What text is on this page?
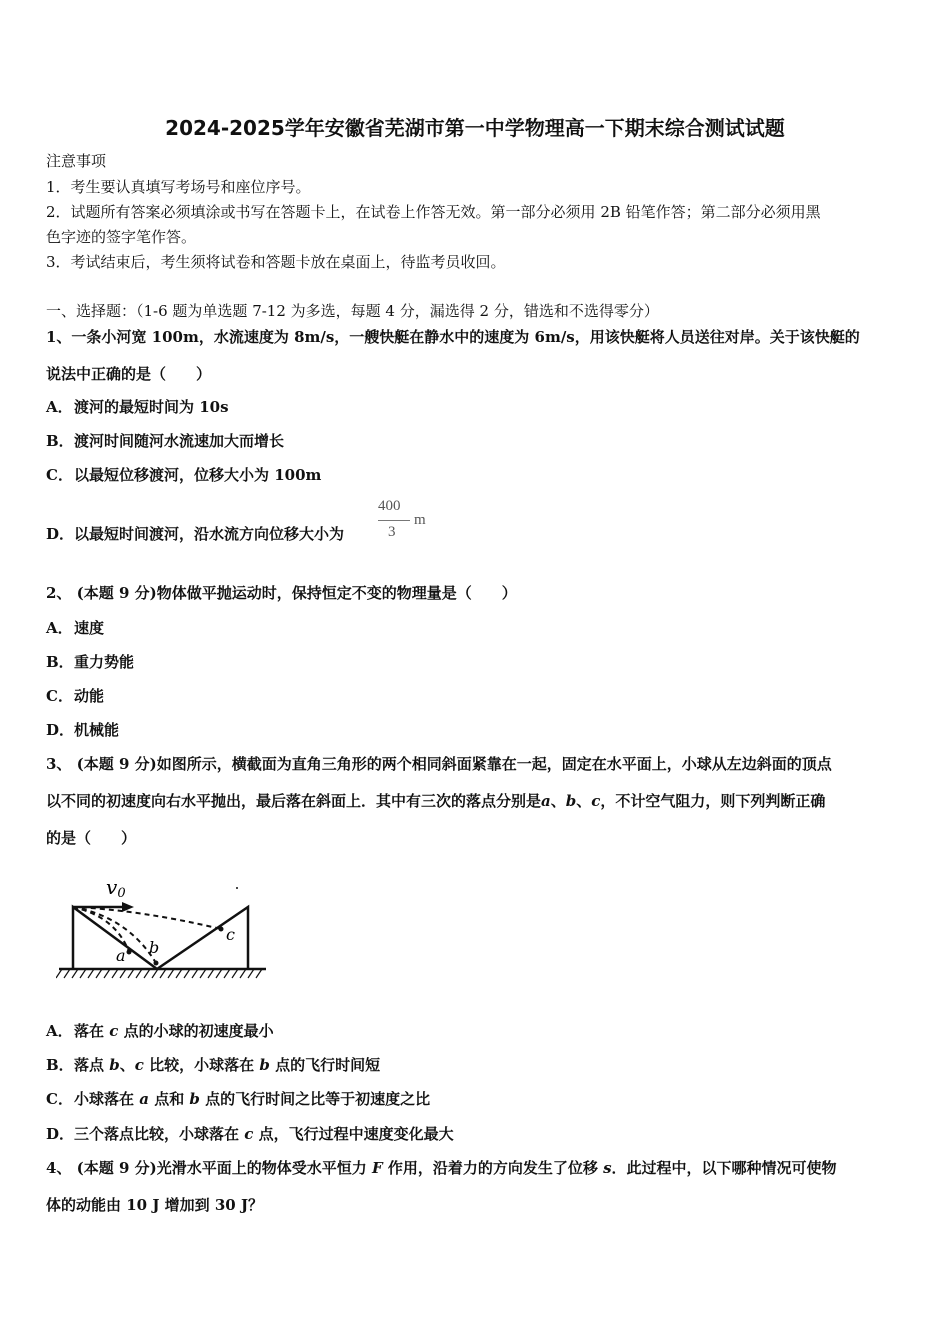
2024-2025学年安徽省芜湖市第一中学物理高一下期末综合测试试题
注意事项
1．考生要认真填写考场号和座位序号。
2．试题所有答案必须填涂或书写在答题卡上，在试卷上作答无效。第一部分必须用 2B 铅笔作答；第二部分必须用黑
色字迹的签字笔作答。
3．考试结束后，考生须将试卷和答题卡放在桌面上，待监考员收回。
一、选择题：（1-6 题为单选题 7-12 为多选，每题 4 分，漏选得 2 分，错选和不选得零分）
1、一条小河宽 100m，水流速度为 8m/s，一艘快艇在静水中的速度为 6m/s，用该快艇将人员送往对岸。关于该快艇的
说法中正确的是（　　）
A．渡河的最短时间为 10s
B．渡河时间随河水流速加大而增长
C．以最短位移渡河，位移大小为 100m
D．以最短时间渡河，沿水流方向位移大小为
400
3
m
2、 (本题 9 分)物体做平抛运动时，保持恒定不变的物理量是（　　）
A．速度
B．重力势能
C．动能
D．机械能
3、 (本题 9 分)如图所示，横截面为直角三角形的两个相同斜面紧靠在一起，固定在水平面上，小球从左边斜面的顶点
以不同的初速度向右水平抛出，最后落在斜面上．其中有三次的落点分别是a、b、c，不计空气阻力，则下列判断正确
的是（　　）
v0
a b
c
A．落在 c 点的小球的初速度最小
B．落点 b、c 比较，小球落在 b 点的飞行时间短
C．小球落在 a 点和 b 点的飞行时间之比等于初速度之比
D．三个落点比较，小球落在 c 点，飞行过程中速度变化最大
4、 (本题 9 分)光滑水平面上的物体受水平恒力 F 作用，沿着力的方向发生了位移 s．此过程中，以下哪种情况可使物
体的动能由 10 J 增加到 30 J？
